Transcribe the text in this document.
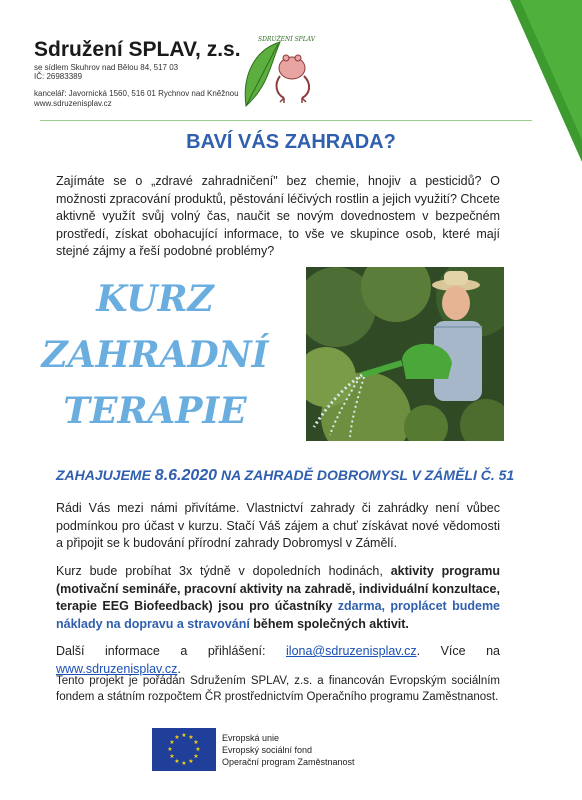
Sdružení SPLAV, z.s.
se sídlem Skuhrov nad Bělou 84, 517 03
IČ: 26983389
kancelář: Javornická 1560, 516 01 Rychnov nad Kněžnou
www.sdruzenisplav.cz
SDRUŽENÍ SPLAV
BAVÍ VÁS ZAHRADA?
Zajímáte se o „zdravé zahradničení" bez chemie, hnojiv a pesticidů? O možnosti zpracování produktů, pěstování léčivých rostlin a jejich využití? Chcete aktivně využít svůj volný čas, naučit se novým dovednostem v bezpečném prostředí, získat obohacující informace, to vše ve skupince osob, které mají stejné zájmy a řeší podobné problémy?
KURZ
ZAHRADNÍ
TERAPIE
ZAHAJUJEME 8.6.2020 NA ZAHRADĚ DOBROMYSL V ZÁMĚLI Č. 51
Rádi Vás mezi námi přivítáme. Vlastnictví zahrady či zahrádky není vůbec podmínkou pro účast v kurzu. Stačí Váš zájem a chuť získávat nové vědomosti a připojit se k budování přírodní zahrady Dobromysl v Zámělí.
Kurz bude probíhat 3x týdně v dopoledních hodinách, aktivity programu (motivační semináře, pracovní aktivity na zahradě, individuální konzultace, terapie EEG Biofeedback) jsou pro účastníky zdarma, proplácet budeme náklady na dopravu a stravování během společných aktivit.
Další informace a přihlášení: ilona@sdruzenisplav.cz. Více na www.sdruzenisplav.cz.
Tento projekt je pořádán Sdružením SPLAV, z.s. a financován Evropským sociálním fondem a státním rozpočtem ČR prostřednictvím Operačního programu Zaměstnanost.
★ ★
★
★
★
★
★
★
★
★
★
★	Evropská unie
Evropský sociální fond
Operační program Zaměstnanost
